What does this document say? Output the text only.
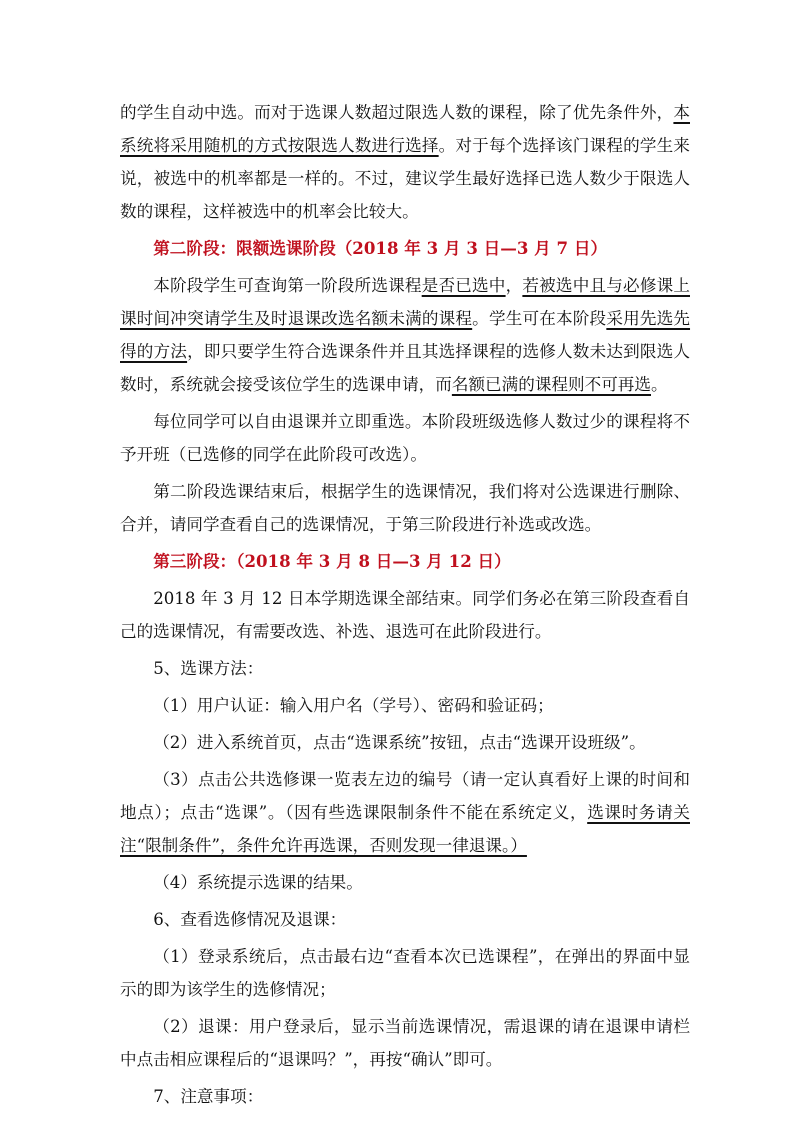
的学生自动中选。而对于选课人数超过限选人数的课程，除了优先条件外，本系统将采用随机的方式按限选人数进行选择。对于每个选择该门课程的学生来说，被选中的机率都是一样的。不过，建议学生最好选择已选人数少于限选人数的课程，这样被选中的机率会比较大。

第二阶段：限额选课阶段（2018 年 3 月 3 日—3 月 7 日）

本阶段学生可查询第一阶段所选课程是否已选中，若被选中且与必修课上课时间冲突请学生及时退课改选名额未满的课程。学生可在本阶段采用先选先得的方法，即只要学生符合选课条件并且其选择课程的选修人数未达到限选人数时，系统就会接受该位学生的选课申请，而名额已满的课程则不可再选。

每位同学可以自由退课并立即重选。本阶段班级选修人数过少的课程将不予开班（已选修的同学在此阶段可改选）。

第二阶段选课结束后，根据学生的选课情况，我们将对公选课进行删除、合并，请同学查看自己的选课情况，于第三阶段进行补选或改选。

第三阶段：（2018 年 3 月 8 日—3 月 12 日）

2018 年 3 月 12 日本学期选课全部结束。同学们务必在第三阶段查看自己的选课情况，有需要改选、补选、退选可在此阶段进行。

5、选课方法：

（1）用户认证：输入用户名（学号）、密码和验证码；

（2）进入系统首页，点击“选课系统”按钮，点击“选课开设班级”。

（3）点击公共选修课一览表左边的编号（请一定认真看好上课的时间和地点）；点击“选课”。（因有些选课限制条件不能在系统定义，选课时务请关注“限制条件”，条件允许再选课，否则发现一律退课。）

（4）系统提示选课的结果。

6、查看选修情况及退课：

（1）登录系统后，点击最右边“查看本次已选课程”，在弹出的界面中显示的即为该学生的选修情况；

（2）退课：用户登录后，显示当前选课情况，需退课的请在退课申请栏中点击相应课程后的“退课吗？”，再按“确认”即可。

7、注意事项：
